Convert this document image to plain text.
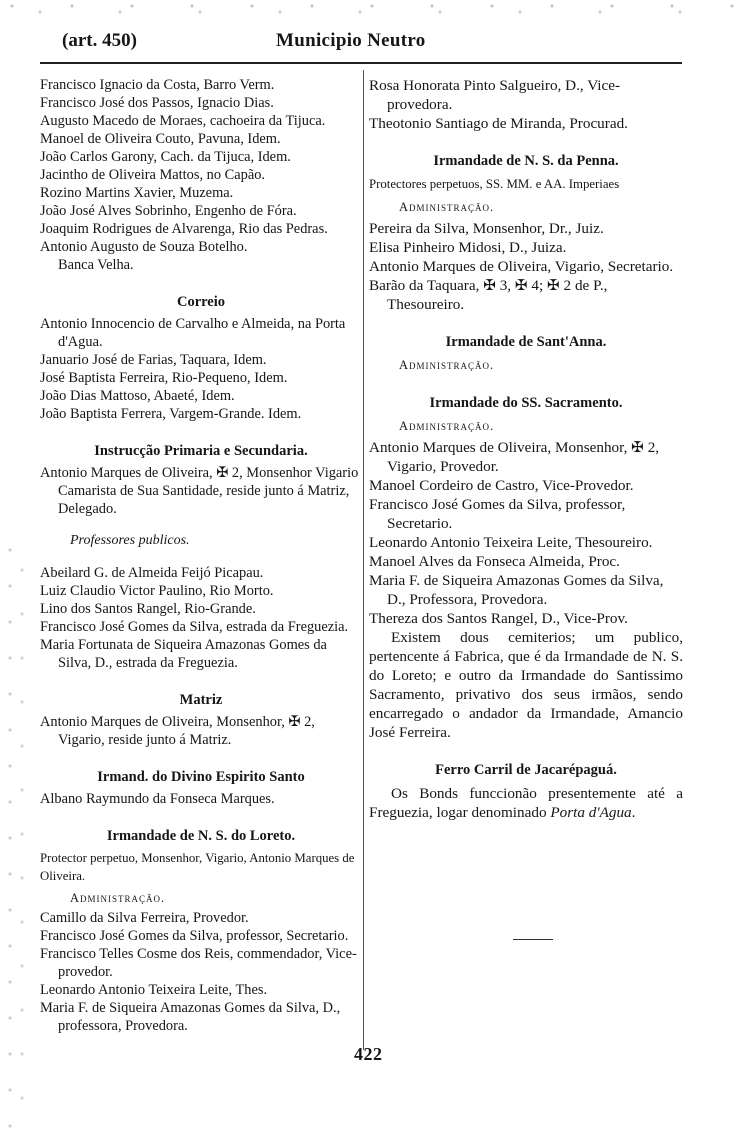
(art. 450)	Municipio Neutro

Francisco Ignacio da Costa, Barro Verm.

Francisco José dos Passos, Ignacio Dias.

Augusto Macedo de Moraes, cachoeira da Tijuca.

Manoel de Oliveira Couto, Pavuna, Idem.

João Carlos Garony, Cach. da Tijuca, Idem.

Jacintho de Oliveira Mattos, no Capão.

Rozino Martins Xavier, Muzema.

João José Alves Sobrinho, Engenho de Fóra.

Joaquim Rodrigues de Alvarenga, Rio das Pedras.

Antonio Augusto de Souza Botelho.

Banca Velha.

Correio

Antonio Innocencio de Carvalho e Almeida, na Porta d'Agua.

Januario José de Farias, Taquara, Idem.

José Baptista Ferreira, Rio-Pequeno, Idem.

João Dias Mattoso, Abaeté, Idem.

João Baptista Ferrera, Vargem-Grande. Idem.

Instrucção Primaria e Secundaria.

Antonio Marques de Oliveira, ✠ 2, Monsenhor Vigario Camarista de Sua Santidade, reside junto á Matriz, Delegado.

Professores publicos.

Abeilard G. de Almeida Feijó Picapau.

Luiz Claudio Victor Paulino, Rio Morto.

Lino dos Santos Rangel, Rio-Grande.

Francisco José Gomes da Silva, estrada da Freguezia.

Maria Fortunata de Siqueira Amazonas Gomes da Silva, D., estrada da Freguezia.

Matriz

Antonio Marques de Oliveira, Monsenhor, ✠ 2, Vigario, reside junto á Matriz.

Irmand. do Divino Espirito Santo

Albano Raymundo da Fonseca Marques.

Irmandade de N. S. do Loreto.

Protector perpetuo, Monsenhor, Vigario, Antonio Marques de Oliveira.

Administração.

Camillo da Silva Ferreira, Provedor.

Francisco José Gomes da Silva, professor, Secretario.

Francisco Telles Cosme dos Reis, commendador, Vice-provedor.

Leonardo Antonio Teixeira Leite, Thes.

Maria F. de Siqueira Amazonas Gomes da Silva, D., professora, Provedora.

Rosa Honorata Pinto Salgueiro, D., Vice-provedora.

Theotonio Santiago de Miranda, Procurad.

Irmandade de N. S. da Penna.

Protectores perpetuos, SS. MM. e AA. Imperiaes

Administração.

Pereira da Silva, Monsenhor, Dr., Juiz.

Elisa Pinheiro Midosi, D., Juiza.

Antonio Marques de Oliveira, Vigario, Secretario.

Barão da Taquara, ✠ 3, ✠ 4; ✠ 2 de P., Thesoureiro.

Irmandade de Sant'Anna.

Administração.

Irmandade do SS. Sacramento.

Administração.

Antonio Marques de Oliveira, Monsenhor, ✠ 2, Vigario, Provedor.

Manoel Cordeiro de Castro, Vice-Provedor.

Francisco José Gomes da Silva, professor, Secretario.

Leonardo Antonio Teixeira Leite, Thesoureiro.

Manoel Alves da Fonseca Almeida, Proc.

Maria F. de Siqueira Amazonas Gomes da Silva, D., Professora, Provedora.

Thereza dos Santos Rangel, D., Vice-Prov.

Existem dous cemiterios; um publico, pertencente á Fabrica, que é da Irmandade de N. S. do Loreto; e outro da Irmandade do Santissimo Sacramento, privativo dos seus irmãos, sendo encarregado o andador da Irmandade, Amancio José Ferreira.

Ferro Carril de Jacarépaguá.

Os Bonds funccionão presentemente até a Freguezia, logar denominado Porta d'Agua.

422
